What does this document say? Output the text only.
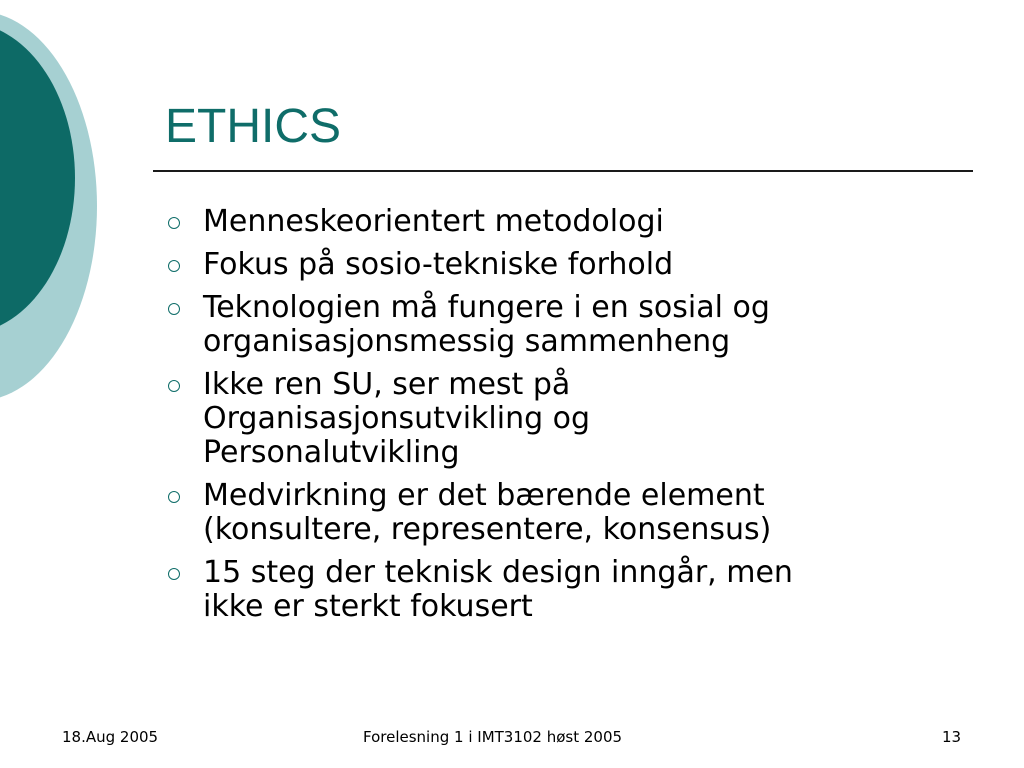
ETHICS
Menneskeorientert metodologi
Fokus på sosio-tekniske forhold
Teknologien må fungere i en sosial og
organisasjonsmessig sammenheng
Ikke ren SU, ser mest på
Organisasjonsutvikling og
Personalutvikling
Medvirkning er det bærende element
(konsultere, representere, konsensus)
15 steg der teknisk design inngår, men
ikke er sterkt fokusert
18.Aug 2005	Forelesning 1 i IMT3102 høst 2005	13
